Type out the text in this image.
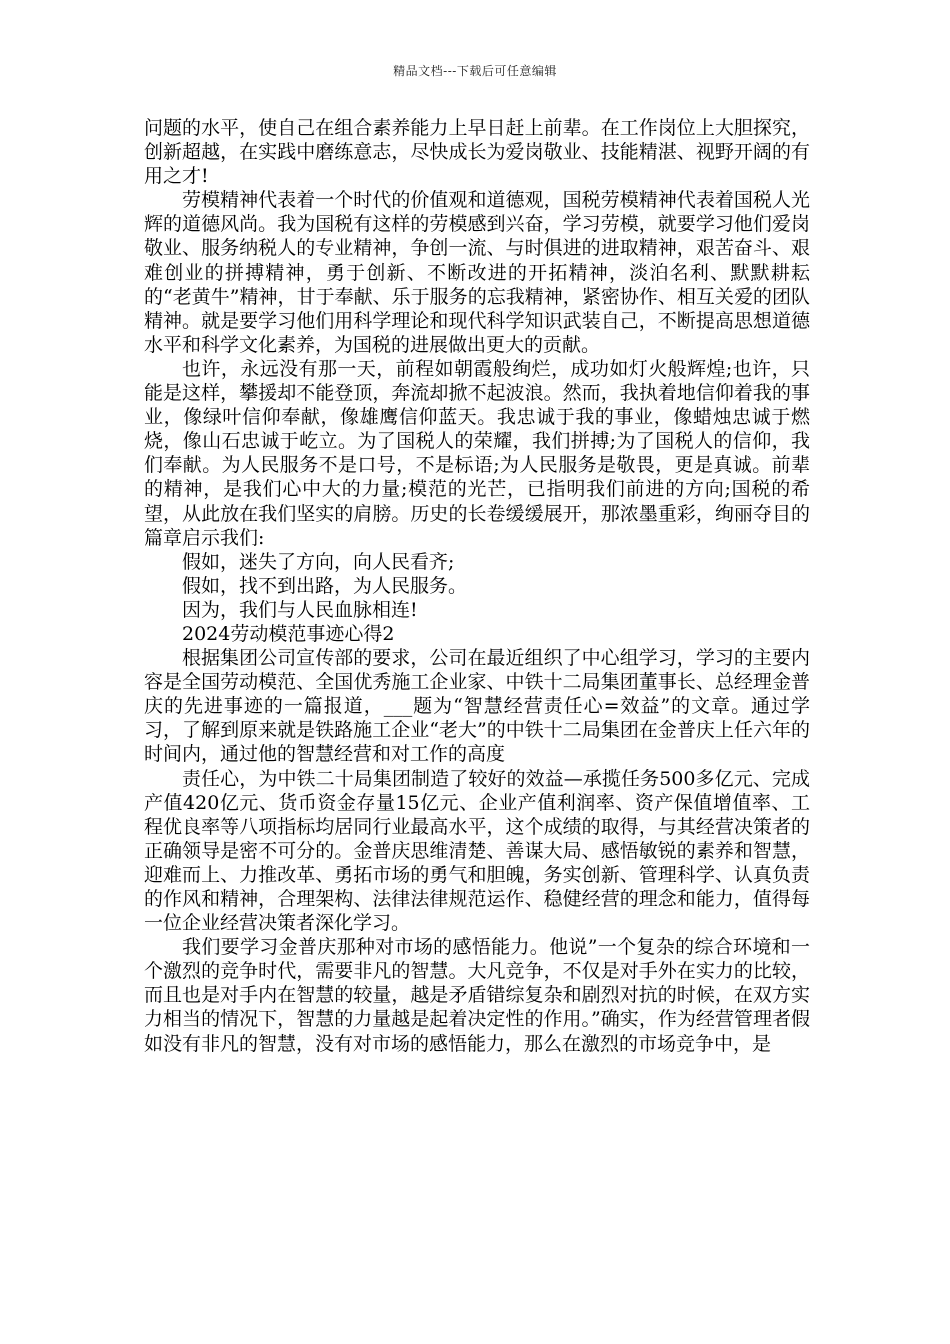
精品文档---下载后可任意编辑

问题的水平，使自己在组合素养能力上早日赶上前辈。在工作岗位上大胆探究，创新超越，在实践中磨练意志，尽快成长为爱岗敬业、技能精湛、视野开阔的有用之才!

劳模精神代表着一个时代的价值观和道德观，国税劳模精神代表着国税人光辉的道德风尚。我为国税有这样的劳模感到兴奋，学习劳模，就要学习他们爱岗敬业、服务纳税人的专业精神，争创一流、与时俱进的进取精神，艰苦奋斗、艰难创业的拼搏精神，勇于创新、不断改进的开拓精神，淡泊名利、默默耕耘的“老黄牛”精神，甘于奉献、乐于服务的忘我精神，紧密协作、相互关爱的团队精神。就是要学习他们用科学理论和现代科学知识武装自己，不断提高思想道德水平和科学文化素养，为国税的进展做出更大的贡献。

也许，永远没有那一天，前程如朝霞般绚烂，成功如灯火般辉煌;也许，只能是这样，攀援却不能登顶，奔流却掀不起波浪。然而，我执着地信仰着我的事业，像绿叶信仰奉献，像雄鹰信仰蓝天。我忠诚于我的事业，像蜡烛忠诚于燃烧，像山石忠诚于屹立。为了国税人的荣耀，我们拼搏;为了国税人的信仰，我们奉献。为人民服务不是口号，不是标语;为人民服务是敬畏，更是真诚。前辈的精神，是我们心中大的力量;模范的光芒，已指明我们前进的方向;国税的希望，从此放在我们坚实的肩膀。历史的长卷缓缓展开，那浓墨重彩，绚丽夺目的篇章启示我们:

假如，迷失了方向，向人民看齐;

假如，找不到出路，为人民服务。

因为，我们与人民血脉相连!

2024劳动模范事迹心得2

根据集团公司宣传部的要求，公司在最近组织了中心组学习，学习的主要内容是全国劳动模范、全国优秀施工企业家、中铁十二局集团董事长、总经理金普庆的先进事迹的一篇报道，___题为“智慧经营责任心=效益”的文章。通过学习，了解到原来就是铁路施工企业“老大”的中铁十二局集团在金普庆上任六年的时间内，通过他的智慧经营和对工作的高度

责任心，为中铁二十局集团制造了较好的效益—承揽任务500多亿元、完成产值420亿元、货币资金存量15亿元、企业产值利润率、资产保值增值率、工程优良率等八项指标均居同行业最高水平，这个成绩的取得，与其经营决策者的正确领导是密不可分的。金普庆思维清楚、善谋大局、感悟敏锐的素养和智慧，迎难而上、力推改革、勇拓市场的勇气和胆魄，务实创新、管理科学、认真负责的作风和精神，合理架构、法律法律规范运作、稳健经营的理念和能力，值得每一位企业经营决策者深化学习。

我们要学习金普庆那种对市场的感悟能力。他说”一个复杂的综合环境和一个激烈的竞争时代，需要非凡的智慧。大凡竞争，不仅是对手外在实力的比较，而且也是对手内在智慧的较量，越是矛盾错综复杂和剧烈对抗的时候，在双方实力相当的情况下，智慧的力量越是起着决定性的作用。”确实，作为经营管理者假如没有非凡的智慧，没有对市场的感悟能力，那么在激烈的市场竞争中，是
